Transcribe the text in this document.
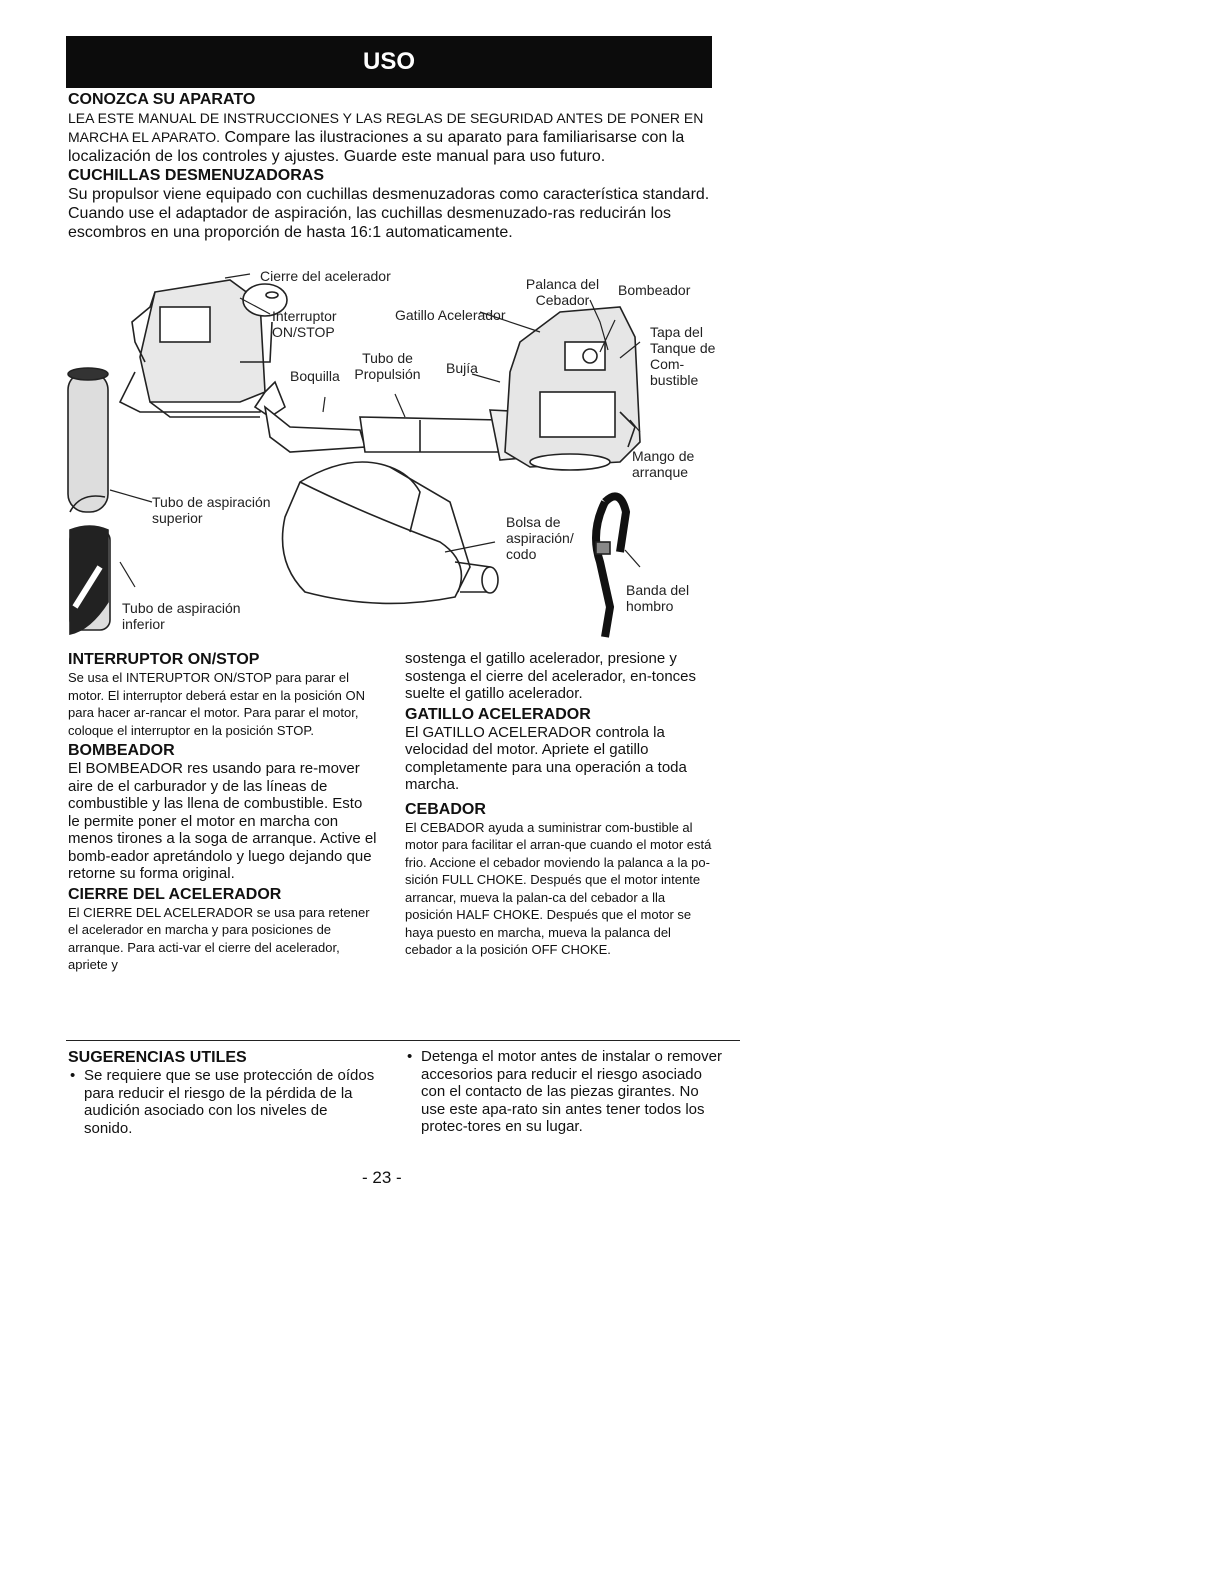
USO
CONOZCA SU APARATO

LEA ESTE MANUAL DE INSTRUCCIONES Y LAS REGLAS DE SEGURIDAD ANTES DE PONER EN MARCHA EL APARATO. Compare las ilustraciones a su aparato para familiarisarse con la localización de los controles y ajustes. Guarde este manual para uso futuro.

CUCHILLAS DESMENUZADORAS

Su propulsor viene equipado con cuchillas desmenuzadoras como característica standard. Cuando use el adaptador de aspiración, las cuchillas desmenuzado-ras reducirán los escombros en una proporción de hasta 16:1 automaticamente.

Cierre del acelerador
Interruptor ON/STOP
Gatillo Acelerador
Palanca del Cebador
Bombeador
Tapa del Tanque de Com-bustible
Tubo de Propulsión
Boquilla	Bujía
Mango de arranque
Tubo de aspiración superior
Tubo de aspiración inferior
Bolsa de aspiración/ codo
Banda del hombro
INTERRUPTOR ON/STOP

Se usa el INTERUPTOR ON/STOP para parar el motor. El interruptor deberá estar en la posición ON para hacer ar-rancar el motor. Para parar el motor, coloque el interruptor en la posición STOP.

BOMBEADOR

El BOMBEADOR res usando para re-mover aire de el carburador y de las líneas de combustible y las llena de combustible. Esto le permite poner el motor en marcha con menos tirones a la soga de arranque. Active el bomb-eador apretándolo y luego dejando que retorne su forma original.

CIERRE DEL ACELERADOR

El CIERRE DEL ACELERADOR se usa para retener el acelerador en marcha y para posiciones de arranque. Para acti-var el cierre del acelerador, apriete y

sostenga el gatillo acelerador, presione y sostenga el cierre del acelerador, en-tonces suelte el gatillo acelerador.

GATILLO ACELERADOR

El GATILLO ACELERADOR controla la velocidad del motor. Apriete el gatillo completamente para una operación a toda marcha.

CEBADOR

El CEBADOR ayuda a suministrar com-bustible al motor para facilitar el arran-que cuando el motor está frio. Accione el cebador moviendo la palanca a la po-sición FULL CHOKE. Después que el motor intente arrancar, mueva la palan-ca del cebador a lla posición HALF CHOKE. Después que el motor se haya puesto en marcha, mueva la palanca del cebador a la posición OFF CHOKE.

SUGERENCIAS UTILES
• Se requiere que se use protección de oídos para reducir el riesgo de la pérdida de la audición asociado con los niveles de sonido.
• Detenga el motor antes de instalar o remover accesorios para reducir el riesgo asociado con el contacto de las piezas girantes. No use este apa-rato sin antes tener todos los protec-tores en su lugar.
- 23 -
